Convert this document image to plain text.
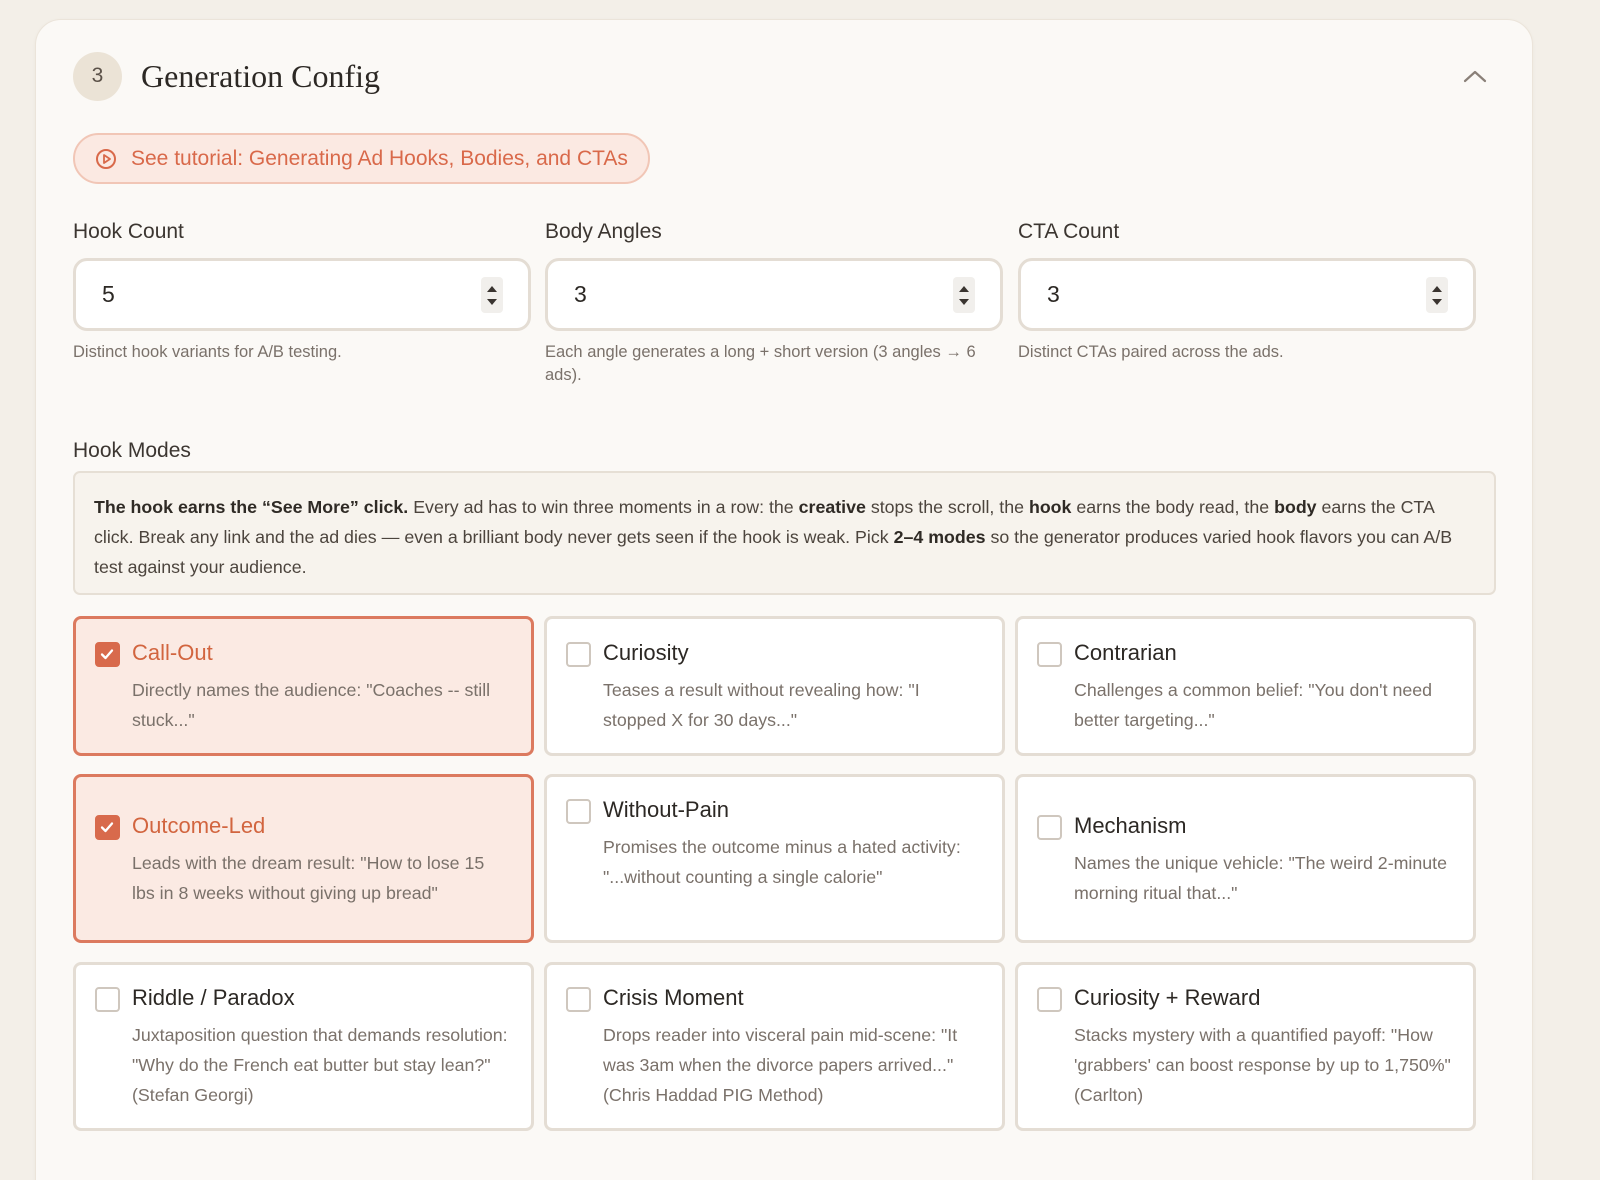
3	Generation Config
See tutorial: Generating Ad Hooks, Bodies, and CTAs
Hook Count
5
Distinct hook variants for A/B testing.
Body Angles
3
Each angle generates a long + short version (3 angles → 6 ads).
CTA Count
3
Distinct CTAs paired across the ads.
Hook Modes
The hook earns the “See More” click. Every ad has to win three moments in a row: the creative stops the scroll, the hook earns the body read, the body earns the CTA click. Break any link and the ad dies — even a brilliant body never gets seen if the hook is weak. Pick 2–4 modes so the generator produces varied hook flavors you can A/B test against your audience.
Call-Out
Directly names the audience: "Coaches -- still stuck..."
Curiosity
Teases a result without revealing how: "I stopped X for 30 days..."
Contrarian
Challenges a common belief: "You don't need better targeting..."
Outcome-Led
Leads with the dream result: "How to lose 15 lbs in 8 weeks without giving up bread"
Without-Pain
Promises the outcome minus a hated activity: "...without counting a single calorie"
Mechanism
Names the unique vehicle: "The weird 2-minute morning ritual that..."
Riddle / Paradox
Juxtaposition question that demands resolution: "Why do the French eat butter but stay lean?" (Stefan Georgi)
Crisis Moment
Drops reader into visceral pain mid-scene: "It was 3am when the divorce papers arrived..." (Chris Haddad PIG Method)
Curiosity + Reward
Stacks mystery with a quantified payoff: "How 'grabbers' can boost response by up to 1,750%" (Carlton)
